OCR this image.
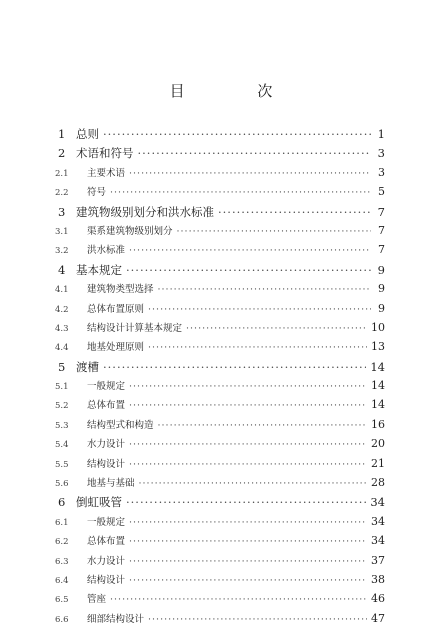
目 次
1 总则 ·····	1
2 术语和符号 ·····	3
2.1	主要术语 ·····	3
2.2	符号 ·····	5
3 建筑物级别划分和洪水标准 ·····	7
3.1	渠系建筑物级别划分 ·····	7
3.2	洪水标准 ·····	7
4 基本规定 ·····	9
4.1	建筑物类型选择 ·····	9
4.2	总体布置原则 ·····	9
4.3	结构设计计算基本规定 ·····	10
4.4	地基处理原则 ·····	13
5 渡槽 ·····	14
5.1	一般规定 ·····	14
5.2	总体布置 ·····	14
5.3	结构型式和构造 ·····	16
5.4	水力设计 ·····	20
5.5	结构设计 ·····	21
5.6	地基与基础 ·····	28
6 倒虹吸管 ·····	34
6.1	一般规定 ·····	34
6.2	总体布置 ·····	34
6.3	水力设计 ·····	37
6.4	结构设计 ·····	38
6.5	管座 ·····	46
6.6	细部结构设计 ·····	47
